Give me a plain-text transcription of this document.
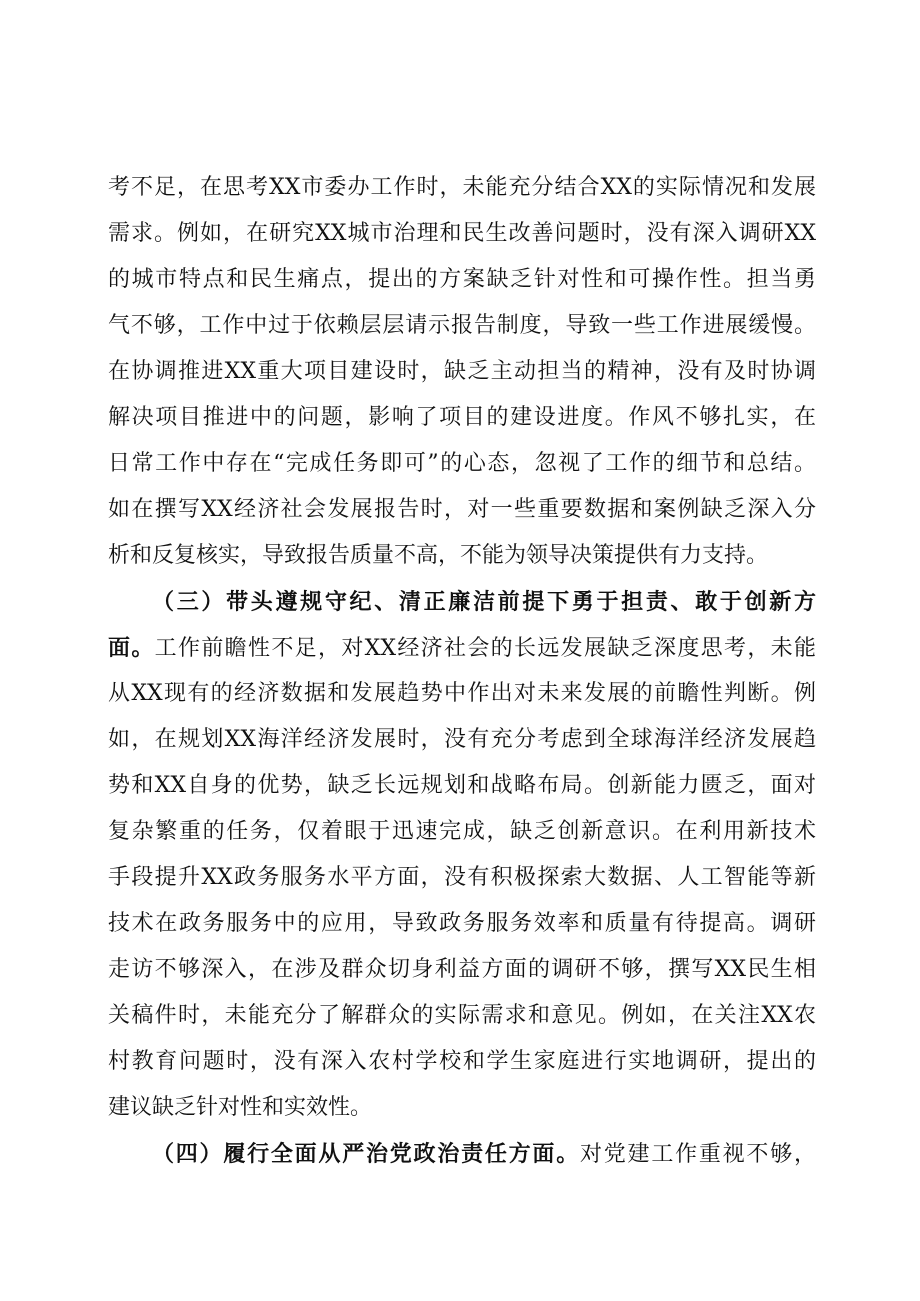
考不足，在思考XX市委办工作时，未能充分结合XX的实际情况和发展
需求。例如，在研究XX城市治理和民生改善问题时，没有深入调研XX
的城市特点和民生痛点，提出的方案缺乏针对性和可操作性。担当勇
气不够，工作中过于依赖层层请示报告制度，导致一些工作进展缓慢。
在协调推进XX重大项目建设时，缺乏主动担当的精神，没有及时协调
解决项目推进中的问题，影响了项目的建设进度。作风不够扎实，在
日常工作中存在“完成任务即可”的心态，忽视了工作的细节和总结。
如在撰写XX经济社会发展报告时，对一些重要数据和案例缺乏深入分
析和反复核实，导致报告质量不高，不能为领导决策提供有力支持。
（三）带头遵规守纪、清正廉洁前提下勇于担责、敢于创新方
面。工作前瞻性不足，对XX经济社会的长远发展缺乏深度思考，未能
从XX现有的经济数据和发展趋势中作出对未来发展的前瞻性判断。例
如，在规划XX海洋经济发展时，没有充分考虑到全球海洋经济发展趋
势和XX自身的优势，缺乏长远规划和战略布局。创新能力匮乏，面对
复杂繁重的任务，仅着眼于迅速完成，缺乏创新意识。在利用新技术
手段提升XX政务服务水平方面，没有积极探索大数据、人工智能等新
技术在政务服务中的应用，导致政务服务效率和质量有待提高。调研
走访不够深入，在涉及群众切身利益方面的调研不够，撰写XX民生相
关稿件时，未能充分了解群众的实际需求和意见。例如，在关注XX农
村教育问题时，没有深入农村学校和学生家庭进行实地调研，提出的
建议缺乏针对性和实效性。
（四）履行全面从严治党政治责任方面。对党建工作重视不够，
